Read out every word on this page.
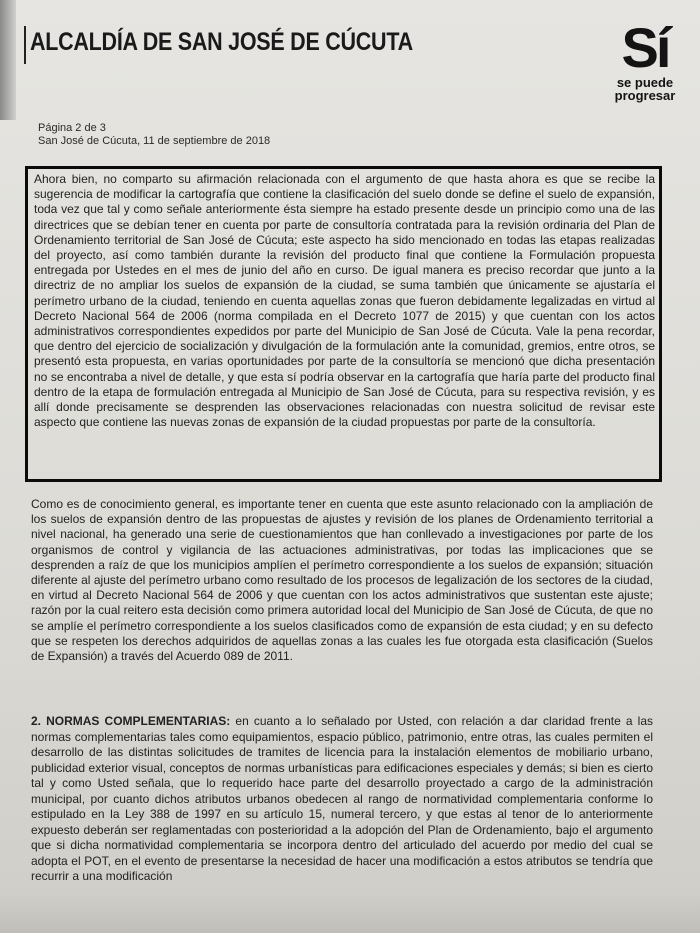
ALCALDÍA DE SAN JOSÉ DE CÚCUTA	Sí
se puede
progresar
Página 2 de 3
San José de Cúcuta, 11 de septiembre de 2018

Ahora bien, no comparto su afirmación relacionada con el argumento de que hasta ahora es que se recibe la sugerencia de modificar la cartografía que contiene la clasificación del suelo donde se define el suelo de expansión, toda vez que tal y como señale anteriormente ésta siempre ha estado presente desde un principio como una de las directrices que se debían tener en cuenta por parte de consultoría contratada para la revisión ordinaria del Plan de Ordenamiento territorial de San José de Cúcuta; este aspecto ha sido mencionado en todas las etapas realizadas del proyecto, así como también durante la revisión del producto final que contiene la Formulación propuesta entregada por Ustedes en el mes de junio del año en curso. De igual manera es preciso recordar que junto a la directriz de no ampliar los suelos de expansión de la ciudad, se suma también que únicamente se ajustaría el perímetro urbano de la ciudad, teniendo en cuenta aquellas zonas que fueron debidamente legalizadas en virtud al Decreto Nacional 564 de 2006 (norma compilada en el Decreto 1077 de 2015) y que cuentan con los actos administrativos correspondientes expedidos por parte del Municipio de San José de Cúcuta. Vale la pena recordar, que dentro del ejercicio de socialización y divulgación de la formulación ante la comunidad, gremios, entre otros, se presentó esta propuesta, en varias oportunidades por parte de la consultoría se mencionó que dicha presentación no se encontraba a nivel de detalle, y que esta sí podría observar en la cartografía que haría parte del producto final dentro de la etapa de formulación entregada al Municipio de San José de Cúcuta, para su respectiva revisión, y es allí donde precisamente se desprenden las observaciones relacionadas con nuestra solicitud de revisar este aspecto que contiene las nuevas zonas de expansión de la ciudad propuestas por parte de la consultoría.

Como es de conocimiento general, es importante tener en cuenta que este asunto relacionado con la ampliación de los suelos de expansión dentro de las propuestas de ajustes y revisión de los planes de Ordenamiento territorial a nivel nacional, ha generado una serie de cuestionamientos que han conllevado a investigaciones por parte de los organismos de control y vigilancia de las actuaciones administrativas, por todas las implicaciones que se desprenden a raíz de que los municipios amplíen el perímetro correspondiente a los suelos de expansión; situación diferente al ajuste del perímetro urbano como resultado de los procesos de legalización de los sectores de la ciudad, en virtud al Decreto Nacional 564 de 2006 y que cuentan con los actos administrativos que sustentan este ajuste; razón por la cual reitero esta decisión como primera autoridad local del Municipio de San José de Cúcuta, de que no se amplíe el perímetro correspondiente a los suelos clasificados como de expansión de esta ciudad; y en su defecto que se respeten los derechos adquiridos de aquellas zonas a las cuales les fue otorgada esta clasificación (Suelos de Expansión) a través del Acuerdo 089 de 2011.

2. NORMAS COMPLEMENTARIAS: en cuanto a lo señalado por Usted, con relación a dar claridad frente a las normas complementarias tales como equipamientos, espacio público, patrimonio, entre otras, las cuales permiten el desarrollo de las distintas solicitudes de tramites de licencia para la instalación elementos de mobiliario urbano, publicidad exterior visual, conceptos de normas urbanísticas para edificaciones especiales y demás; si bien es cierto tal y como Usted señala, que lo requerido hace parte del desarrollo proyectado a cargo de la administración municipal, por cuanto dichos atributos urbanos obedecen al rango de normatividad complementaria conforme lo estipulado en la Ley 388 de 1997 en su artículo 15, numeral tercero, y que estas al tenor de lo anteriormente expuesto deberán ser reglamentadas con posterioridad a la adopción del Plan de Ordenamiento, bajo el argumento que si dicha normatividad complementaria se incorpora dentro del articulado del acuerdo por medio del cual se adopta el POT, en el evento de presentarse la necesidad de hacer una modificación a estos atributos se tendría que recurrir a una modificación
